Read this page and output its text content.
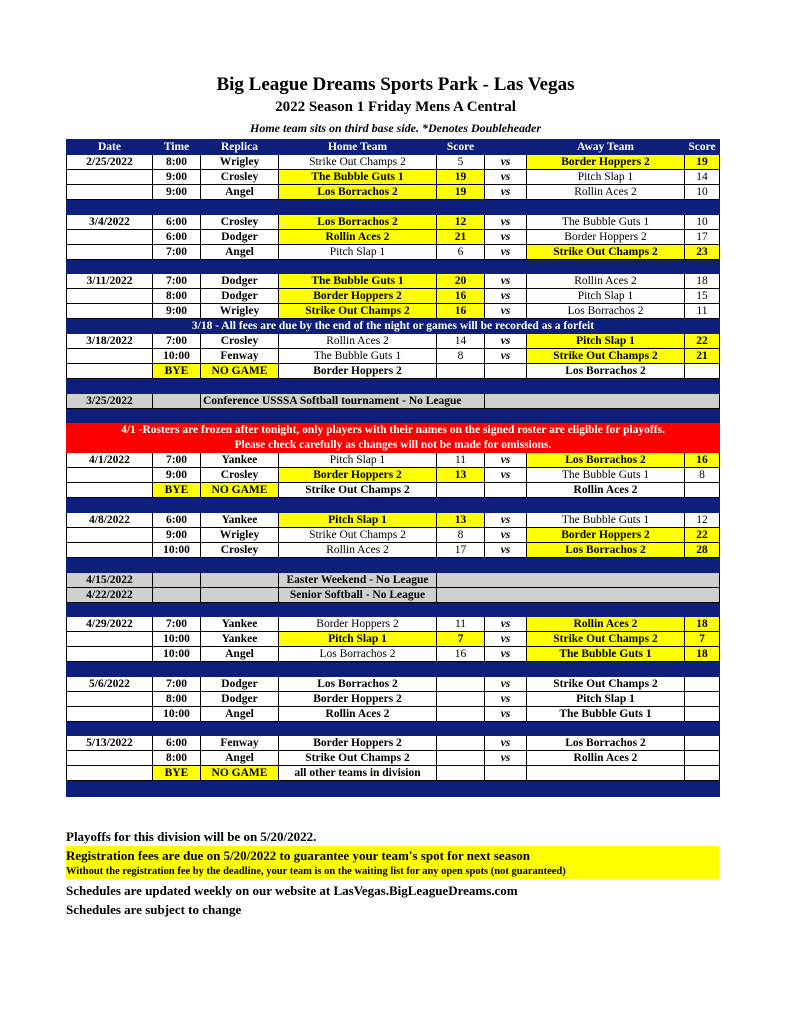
Big League Dreams Sports Park - Las Vegas
2022 Season 1 Friday Mens A Central
Home team sits on third base side. *Denotes Doubleheader
Date	Time	Replica	Home Team	Score		Away Team	Score
2/25/2022	8:00	Wrigley	Strike Out Champs 2	5	vs	Border Hoppers 2	19
	9:00	Crosley	The Bubble Guts 1	19	vs	Pitch Slap 1	14
	9:00	Angel	Los Borrachos 2	19	vs	Rollin Aces 2	10

3/4/2022	6:00	Crosley	Los Borrachos 2	12	vs	The Bubble Guts 1	10
	6:00	Dodger	Rollin Aces 2	21	vs	Border Hoppers 2	17
	7:00	Angel	Pitch Slap 1	6	vs	Strike Out Champs 2	23

3/11/2022	7:00	Dodger	The Bubble Guts 1	20	vs	Rollin Aces 2	18
	8:00	Dodger	Border Hoppers 2	16	vs	Pitch Slap 1	15
	9:00	Wrigley	Strike Out Champs 2	16	vs	Los Borrachos 2	11
3/18 - All fees are due by the end of the night or games will be recorded as a forfeit							
3/18/2022	7:00	Crosley	Rollin Aces 2	14	vs	Pitch Slap 1	22
	10:00	Fenway	The Bubble Guts 1	8	vs	Strike Out Champs 2	21
	BYE	NO GAME	Border Hoppers 2			Los Borrachos 2	

3/25/2022		Conference USSSA Softball tournament - No League					

4/1 -Rosters are frozen after tonight, only players with their names on the signed roster are eligible for playoffs.							
Please check carefully as changes will not be made for omissions.							
4/1/2022	7:00	Yankee	Pitch Slap 1	11	vs	Los Borrachos 2	16
	9:00	Crosley	Border Hoppers 2	13	vs	The Bubble Guts 1	8
	BYE	NO GAME	Strike Out Champs 2			Rollin Aces 2	

4/8/2022	6:00	Yankee	Pitch Slap 1	13	vs	The Bubble Guts 1	12
	9:00	Wrigley	Strike Out Champs 2	8	vs	Border Hoppers 2	22
	10:00	Crosley	Rollin Aces 2	17	vs	Los Borrachos 2	28

4/15/2022			Easter Weekend - No League				
4/22/2022			Senior Softball - No League				

4/29/2022	7:00	Yankee	Border Hoppers 2	11	vs	Rollin Aces 2	18
	10:00	Yankee	Pitch Slap 1	7	vs	Strike Out Champs 2	7
	10:00	Angel	Los Borrachos 2	16	vs	The Bubble Guts 1	18

5/6/2022	7:00	Dodger	Los Borrachos 2		vs	Strike Out Champs 2	
	8:00	Dodger	Border Hoppers 2		vs	Pitch Slap 1	
	10:00	Angel	Rollin Aces 2		vs	The Bubble Guts 1	

5/13/2022	6:00	Fenway	Border Hoppers 2		vs	Los Borrachos 2	
	8:00	Angel	Strike Out Champs 2		vs	Rollin Aces 2	
	BYE	NO GAME	all other teams in division				

Playoffs for this division will be on 5/20/2022.
Registration fees are due on 5/20/2022 to guarantee your team's spot for next season
Without the registration fee by the deadline, your team is on the waiting list for any open spots (not guaranteed)
Schedules are updated weekly on our website at LasVegas.BigLeagueDreams.com
Schedules are subject to change
